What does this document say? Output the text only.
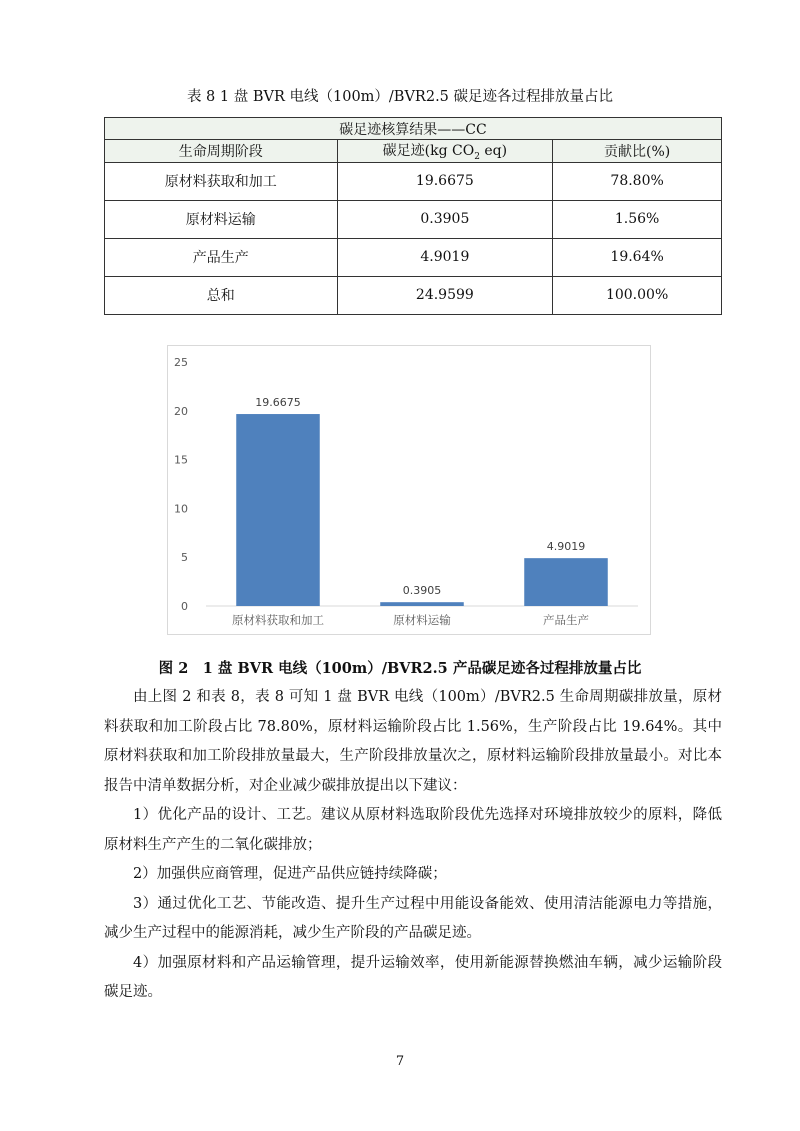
表 8 1 盘 BVR 电线（100m）/BVR2.5 碳足迹各过程排放量占比
碳足迹核算结果——CC		
生命周期阶段	碳足迹(kg $CO_2$ eq)	贡献比(%)
原材料获取和加工	19.6675	78.80%
原材料运输	0.3905	1.56%
产品生产	4.9019	19.64%
总和	24.9599	100.00%
0
5
10
15
20
25
19.6675
原材料获取和加工
0.3905
原材料运输
4.9019
产品生产
图 2　1 盘 BVR 电线（100m）/BVR2.5 产品碳足迹各过程排放量占比

由上图 2 和表 8，表 8 可知 1 盘 BVR 电线（100m）/BVR2.5 生命周期碳排放量，原材料获取和加工阶段占比 78.80%，原材料运输阶段占比 1.56%，生产阶段占比 19.64%。其中原材料获取和加工阶段排放量最大，生产阶段排放量次之，原材料运输阶段排放量最小。对比本报告中清单数据分析，对企业减少碳排放提出以下建议：

1）优化产品的设计、工艺。建议从原材料选取阶段优先选择对环境排放较少的原料，降低原材料生产产生的二氧化碳排放；

2）加强供应商管理，促进产品供应链持续降碳；

3）通过优化工艺、节能改造、提升生产过程中用能设备能效、使用清洁能源电力等措施，减少生产过程中的能源消耗，减少生产阶段的产品碳足迹。

4）加强原材料和产品运输管理，提升运输效率，使用新能源替换燃油车辆，减少运输阶段碳足迹。

7
